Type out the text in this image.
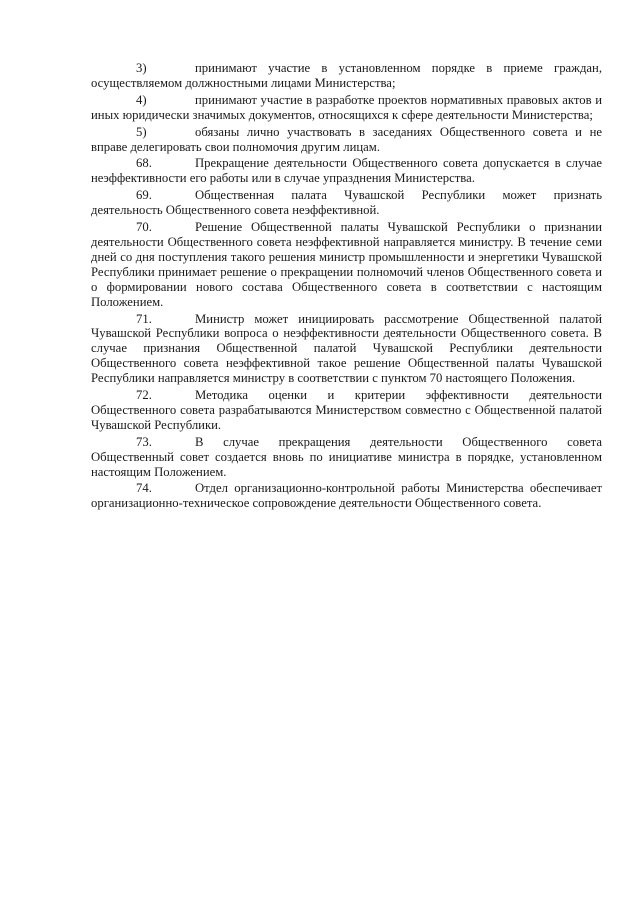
3)	принимают участие в установленном порядке в приеме граждан, осуществляемом должностными лицами Министерства;

4)	принимают участие в разработке проектов нормативных правовых актов и иных юридически значимых документов, относящихся к сфере деятельности Министерства;

5)	обязаны лично участвовать в заседаниях Общественного совета и не вправе делегировать свои полномочия другим лицам.

68.	Прекращение деятельности Общественного совета допускается в случае неэффективности его работы или в случае упразднения Министерства.

69.	Общественная палата Чувашской Республики может признать деятельность Общественного совета неэффективной.

70.	Решение Общественной палаты Чувашской Республики о признании деятельности Общественного совета неэффективной направляется министру. В течение семи дней со дня поступления такого решения министр промышленности и энергетики Чувашской Республики принимает решение о прекращении полномочий членов Общественного совета и о формировании нового состава Общественного совета в соответствии с настоящим Положением.

71.	Министр может инициировать рассмотрение Общественной палатой Чувашской Республики вопроса о неэффективности деятельности Общественного совета. В случае признания Общественной палатой Чувашской Республики деятельности Общественного совета неэффективной такое решение Общественной палаты Чувашской Республики направляется министру в соответствии с пунктом 70 настоящего Положения.

72.	Методика оценки и критерии эффективности деятельности Общественного совета разрабатываются Министерством совместно с Общественной палатой Чувашской Республики.

73.	В случае прекращения деятельности Общественного совета Общественный совет создается вновь по инициативе министра в порядке, установленном настоящим Положением.

74.	Отдел организационно-контрольной работы Министерства обеспечивает организационно-техническое сопровождение деятельности Общественного совета.
